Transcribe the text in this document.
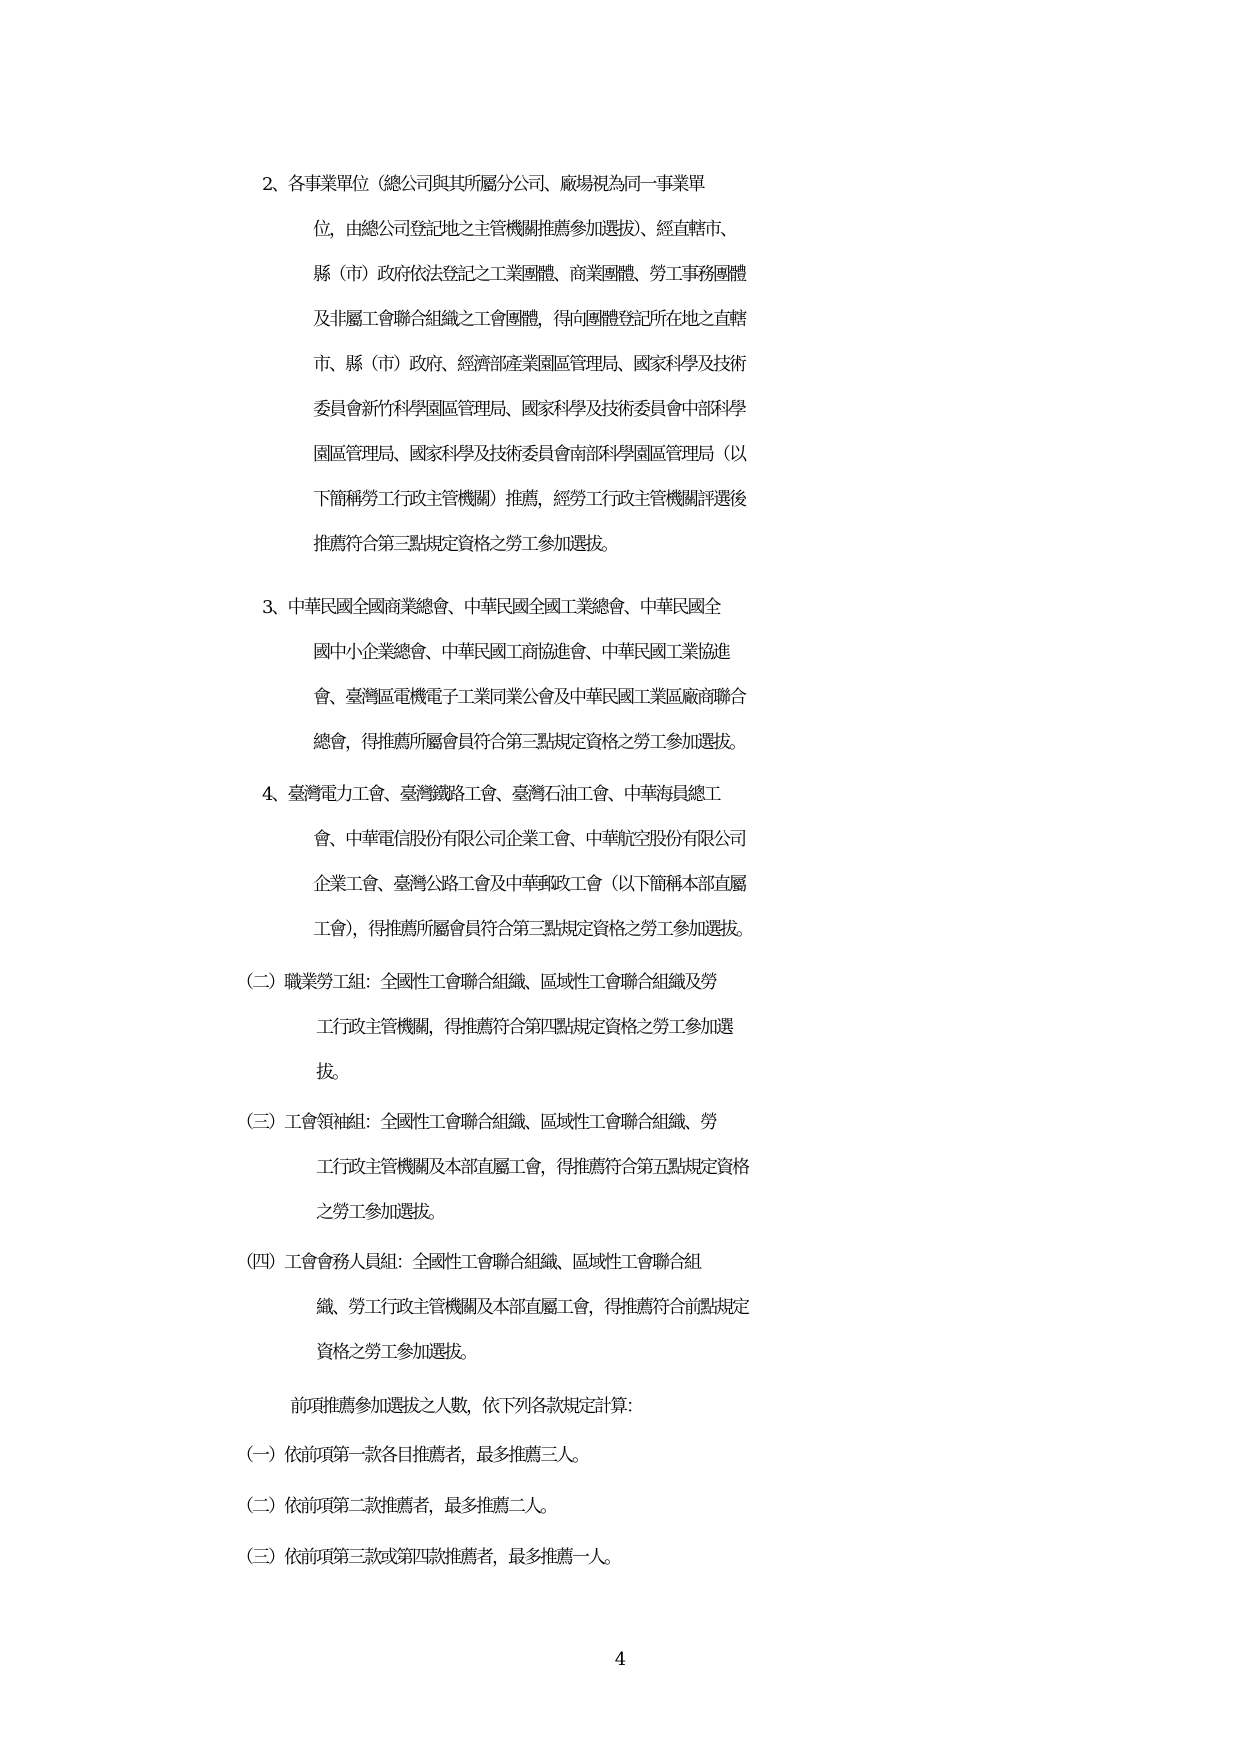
2、各事業單位（總公司與其所屬分公司、廠場視為同一事業單
位，由總公司登記地之主管機關推薦參加選拔）、經直轄市、
縣（市）政府依法登記之工業團體、商業團體、勞工事務團體
及非屬工會聯合組織之工會團體，得向團體登記所在地之直轄
市、縣（市）政府、經濟部產業園區管理局、國家科學及技術
委員會新竹科學園區管理局、國家科學及技術委員會中部科學
園區管理局、國家科學及技術委員會南部科學園區管理局（以
下簡稱勞工行政主管機關）推薦，經勞工行政主管機關評選後
推薦符合第三點規定資格之勞工參加選拔。
3、中華民國全國商業總會、中華民國全國工業總會、中華民國全
國中小企業總會、中華民國工商協進會、中華民國工業協進
會、臺灣區電機電子工業同業公會及中華民國工業區廠商聯合
總會，得推薦所屬會員符合第三點規定資格之勞工參加選拔。
4、臺灣電力工會、臺灣鐵路工會、臺灣石油工會、中華海員總工
會、中華電信股份有限公司企業工會、中華航空股份有限公司
企業工會、臺灣公路工會及中華郵政工會（以下簡稱本部直屬
工會），得推薦所屬會員符合第三點規定資格之勞工參加選拔。
（二）職業勞工組：全國性工會聯合組織、區域性工會聯合組織及勞
工行政主管機關，得推薦符合第四點規定資格之勞工參加選
拔。
（三）工會領袖組：全國性工會聯合組織、區域性工會聯合組織、勞
工行政主管機關及本部直屬工會，得推薦符合第五點規定資格
之勞工參加選拔。
（四）工會會務人員組：全國性工會聯合組織、區域性工會聯合組
織、勞工行政主管機關及本部直屬工會，得推薦符合前點規定
資格之勞工參加選拔。
前項推薦參加選拔之人數，依下列各款規定計算：
（一）依前項第一款各目推薦者，最多推薦三人。
（二）依前項第二款推薦者，最多推薦二人。
（三）依前項第三款或第四款推薦者，最多推薦一人。
4
